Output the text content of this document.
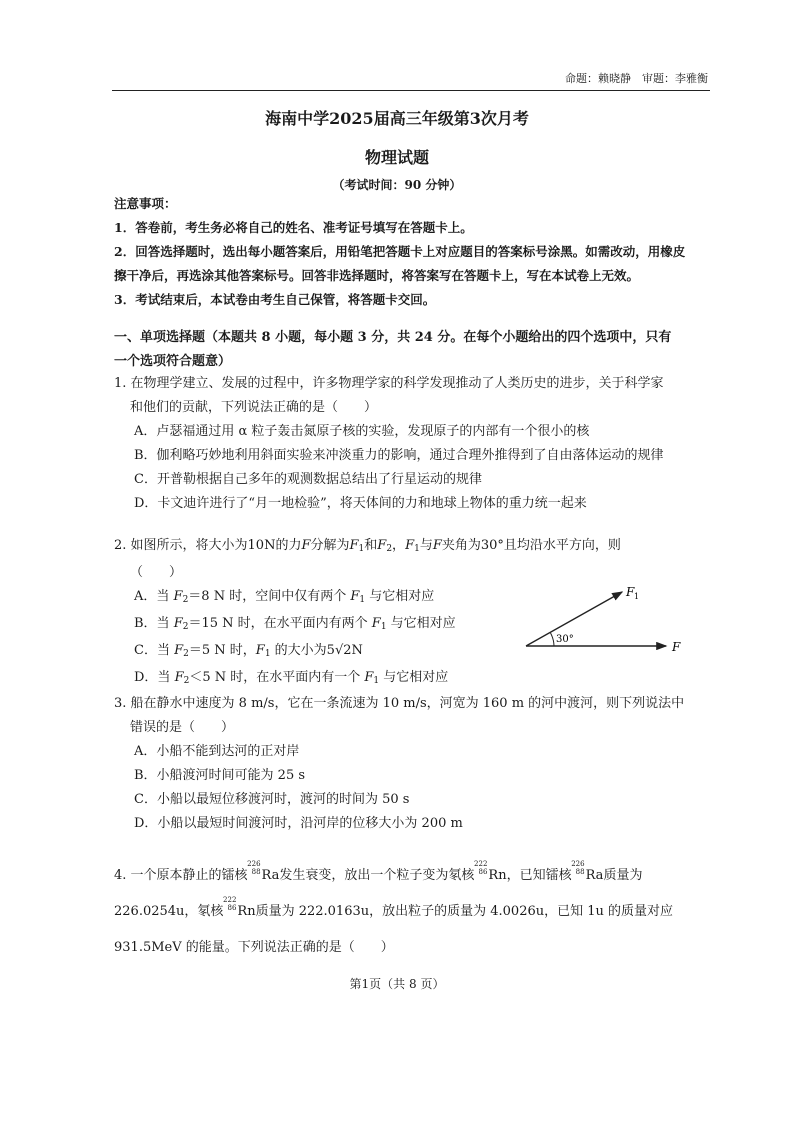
命题：赖晓静　审题：李雅衡
海南中学2025届高三年级第3次月考
物理试题
（考试时间：90 分钟）
注意事项：
1．答卷前，考生务必将自己的姓名、准考证号填写在答题卡上。
2．回答选择题时，选出每小题答案后，用铅笔把答题卡上对应题目的答案标号涂黑。如需改动，用橡皮
擦干净后，再选涂其他答案标号。回答非选择题时，将答案写在答题卡上，写在本试卷上无效。
3．考试结束后，本试卷由考生自己保管，将答题卡交回。
一、单项选择题（本题共 8 小题，每小题 3 分，共 24 分。在每个小题给出的四个选项中，只有
一个选项符合题意）
1. 在物理学建立、发展的过程中，许多物理学家的科学发现推动了人类历史的进步，关于科学家
和他们的贡献，下列说法正确的是（　　）
A．卢瑟福通过用 α 粒子轰击氮原子核的实验，发现原子的内部有一个很小的核
B．伽利略巧妙地利用斜面实验来冲淡重力的影响，通过合理外推得到了自由落体运动的规律
C．开普勒根据自己多年的观测数据总结出了行星运动的规律
D．卡文迪许进行了“月一地检验”，将天体间的力和地球上物体的重力统一起来
2. 如图所示，将大小为10N的力F分解为$F_1$和$F_2$，$F_1$与F夹角为30°且均沿水平方向，则
（　　）
A．当 $F_2=8$ N 时，空间中仅有两个 $F_1$ 与它相对应
B．当 $F_2=15$ N 时，在水平面内有两个 $F_1$ 与它相对应
C．当 $F_2=5$ N 时，$F_1$ 的大小为5√2N
D．当 $F_2<5$ N 时，在水平面内有一个 $F_1$ 与它相对应
30°
F 1
F
3. 船在静水中速度为 8 m/s，它在一条流速为 10 m/s，河宽为 160 m 的河中渡河，则下列说法中
错误的是（　　）
A．小船不能到达河的正对岸
B．小船渡河时间可能为 25 s
C．小船以最短位移渡河时，渡河的时间为 50 s
D．小船以最短时间渡河时，沿河岸的位移大小为 200 m
4. 一个原本静止的镭核
226
88 Ra发生衰变，放出一个粒子变为氡核
222
86 Rn，已知镭核
226
88 Ra质量为
226.0254u，氡核
222
86 Rn质量为 222.0163u，放出粒子的质量为 4.0026u，已知 1u 的质量对应
931.5MeV 的能量。下列说法正确的是（　　）
第1页（共 8 页）
